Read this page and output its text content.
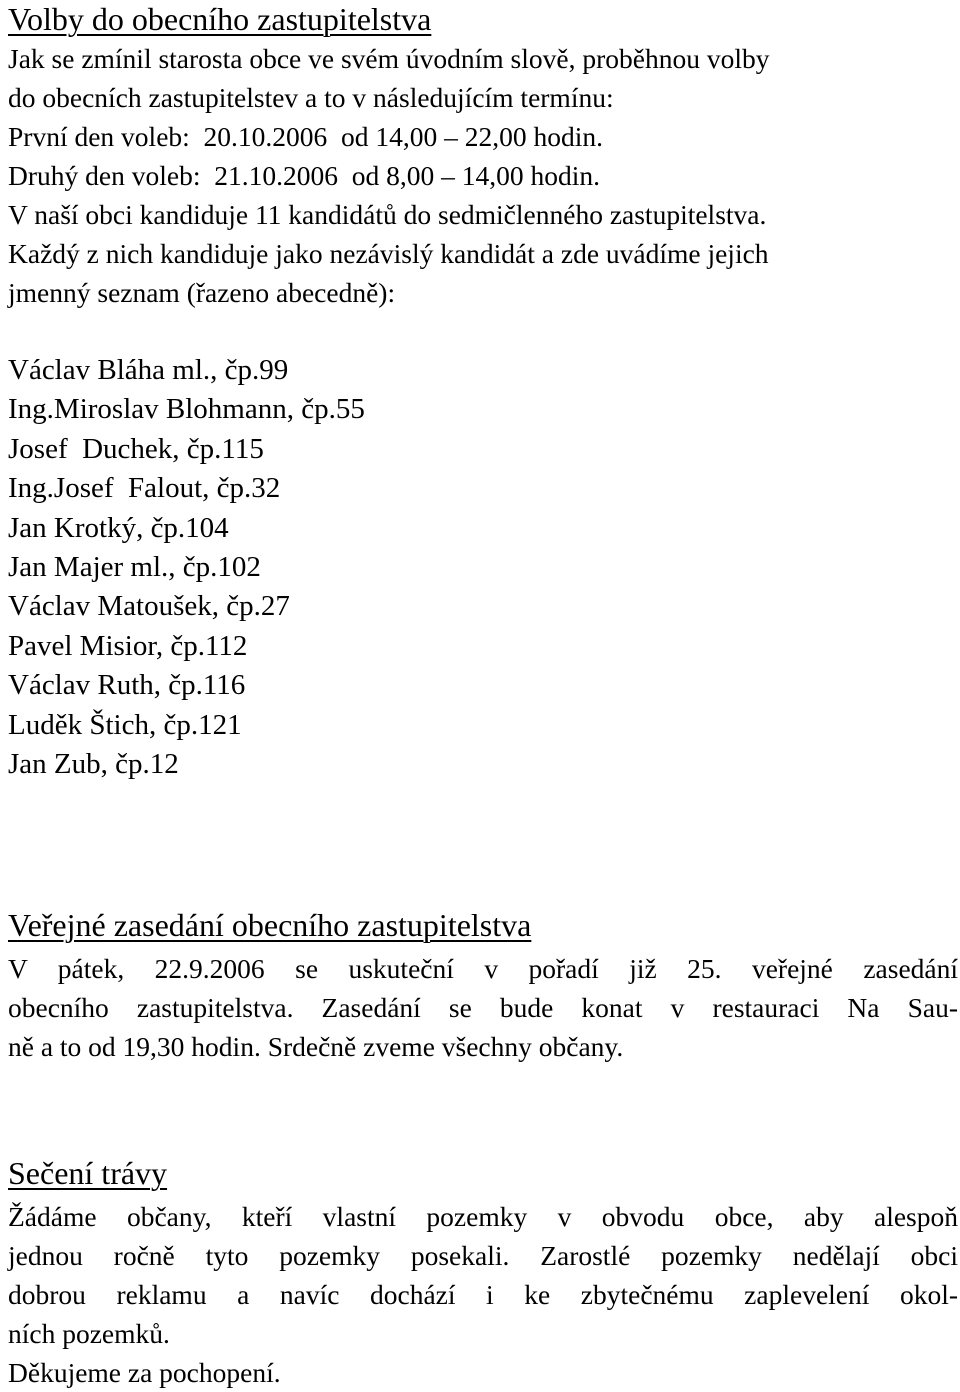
Volby do obecního zastupitelstva
Jak se zmínil starosta obce ve svém úvodním slově, proběhnou volby
do obecních zastupitelstev a to v následujícím termínu:
První den voleb:  20.10.2006  od 14,00 – 22,00 hodin.
Druhý den voleb:  21.10.2006  od 8,00 – 14,00 hodin.
V naší obci kandiduje 11 kandidátů do sedmičlenného zastupitelstva.
Každý z nich kandiduje jako nezávislý kandidát a zde uvádíme jejich
jmenný seznam (řazeno abecedně):
Václav Bláha ml., čp.99
Ing.Miroslav Blohmann, čp.55
Josef  Duchek, čp.115
Ing.Josef  Falout, čp.32
Jan Krotký, čp.104
Jan Majer ml., čp.102
Václav Matoušek, čp.27
Pavel Misior, čp.112
Václav Ruth, čp.116
Luděk Štich, čp.121
Jan Zub, čp.12
Veřejné zasedání obecního zastupitelstva
V pátek, 22.9.2006 se uskuteční v pořadí již 25. veřejné zasedání
obecního zastupitelstva. Zasedání se bude konat v restauraci Na Sau-
ně a to od 19,30 hodin. Srdečně zveme všechny občany.
Sečení trávy
Žádáme občany, kteří vlastní pozemky v obvodu obce, aby alespoň
jednou ročně tyto pozemky posekali. Zarostlé pozemky nedělají obci
dobrou reklamu a navíc dochází i ke zbytečnému zaplevelení okol-
ních pozemků.
Děkujeme za pochopení.
